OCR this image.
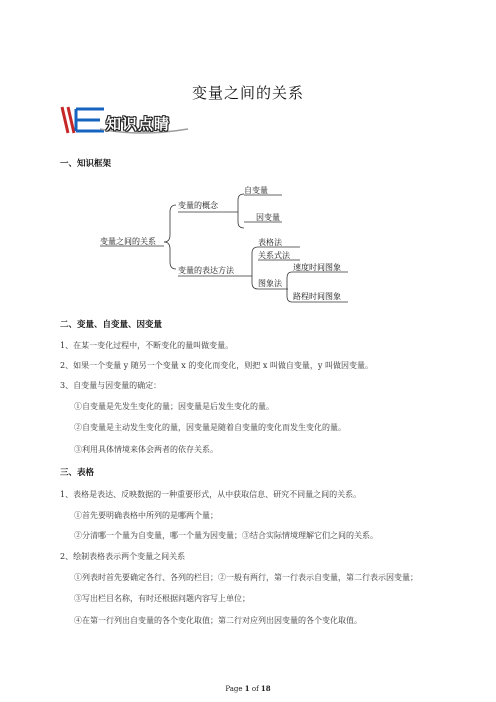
变量之间的关系
知识点睛
一、知识框架
变量之间的关系
变量的概念
自变量
因变量
变量的表达方法
表格法
关系式法
图象法
速度时间图象
路程时间图象
二、变量、自变量、因变量
1、在某一变化过程中，不断变化的量叫做变量。
2、如果一个变量 y 随另一个变量 x 的变化而变化，则把 x 叫做自变量，y 叫做因变量。
3、自变量与因变量的确定：
①自变量是先发生变化的量；因变量是后发生变化的量。
②自变量是主动发生变化的量，因变量是随着自变量的变化而发生变化的量。
③利用具体情境来体会两者的依存关系。
三、表格
1、表格是表达、反映数据的一种重要形式，从中获取信息、研究不同量之间的关系。
①首先要明确表格中所列的是哪两个量；
②分清哪一个量为自变量，哪一个量为因变量；③结合实际情境理解它们之间的关系。
2、绘制表格表示两个变量之间关系
①列表时首先要确定各行、各列的栏目；②一般有两行，第一行表示自变量，第二行表示因变量；
③写出栏目名称，有时还根据问题内容写上单位；
④在第一行列出自变量的各个变化取值；第二行对应列出因变量的各个变化取值。
Page 1 of 18
